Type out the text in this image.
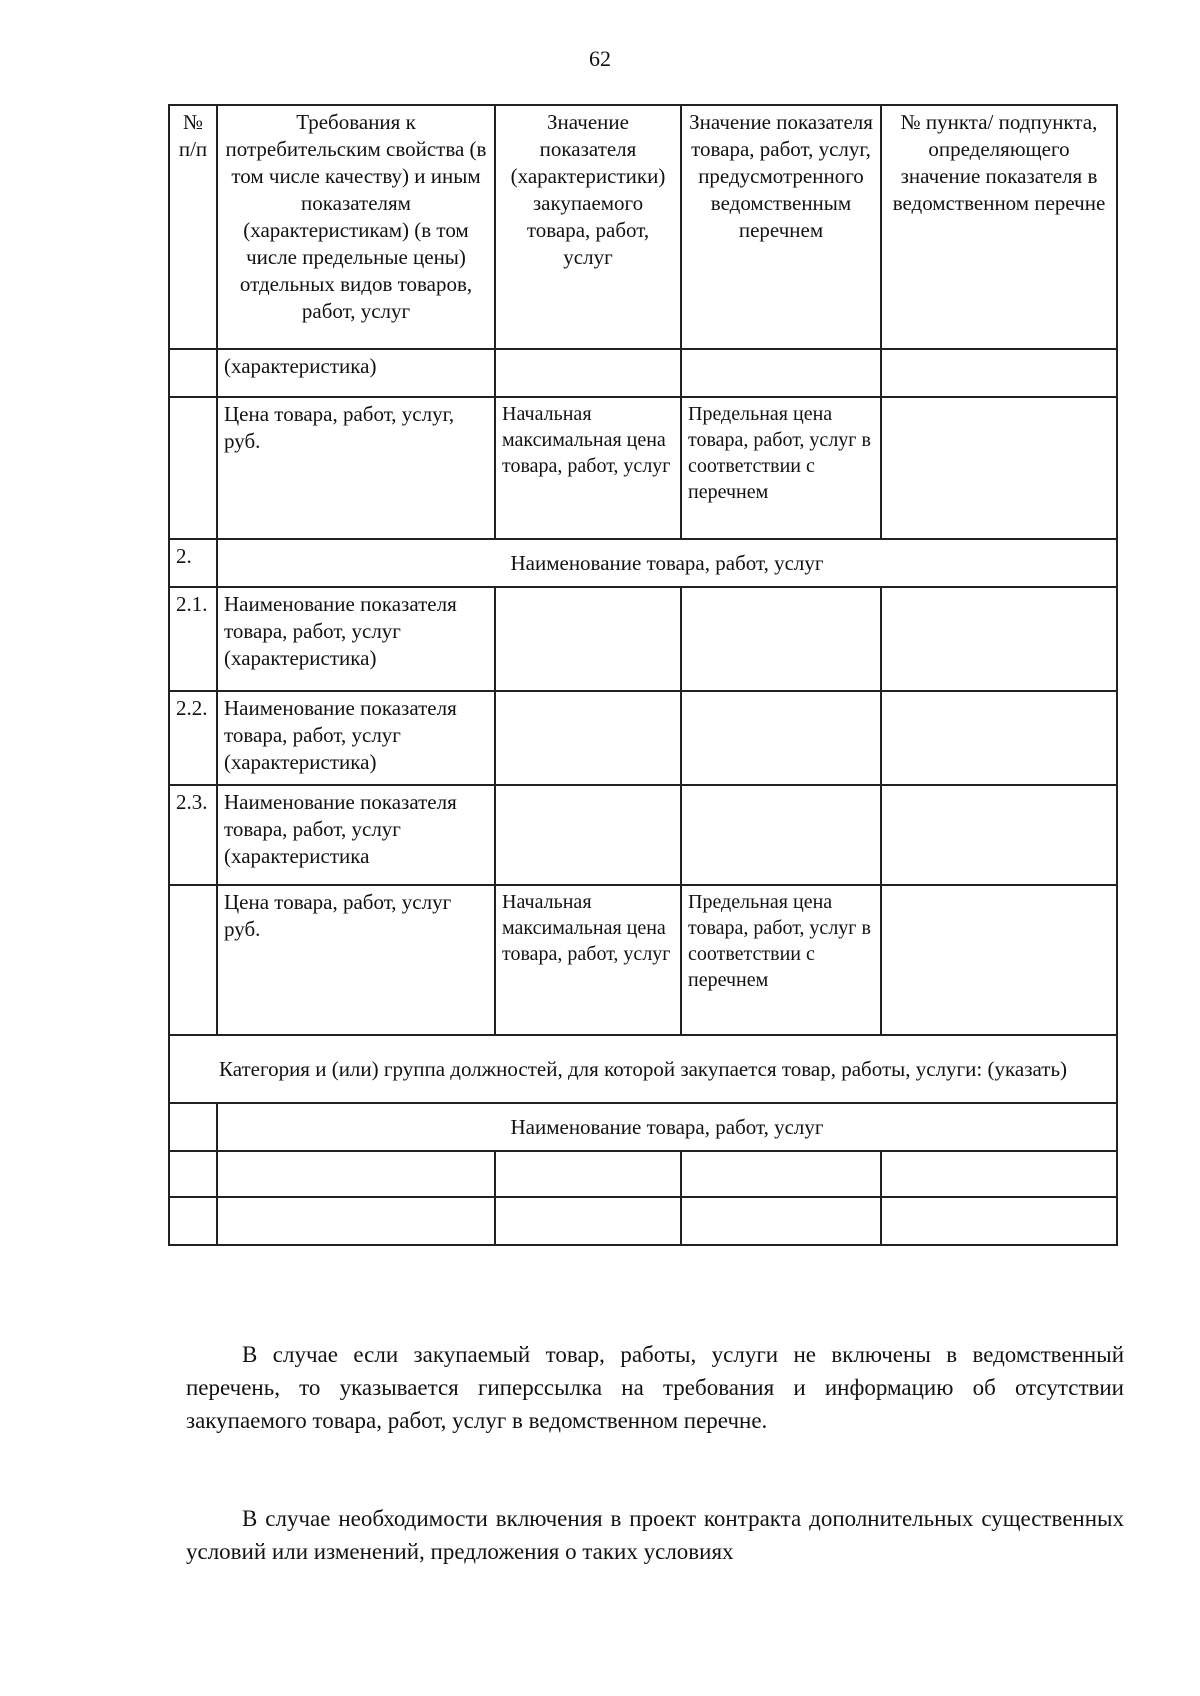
62
№ п/п	Требования к потребительским свойства (в том числе качеству) и иным показателям (характеристикам) (в том числе предельные цены) отдельных видов товаров, работ, услуг	Значение показателя (характеристики) закупаемого товара, работ, услуг	Значение показателя товара, работ, услуг, предусмотренного ведомственным перечнем	№ пункта/ подпункта, определяющего значение показателя в ведомственном перечне
	(характеристика)			
	Цена товара, работ, услуг, руб.	Начальная максимальная цена товара, работ, услуг	Предельная цена товара, работ, услуг в соответствии с перечнем	
2.	Наименование товара, работ, услуг			
2.1.	Наименование показателя товара, работ, услуг (характеристика)			
2.2.	Наименование показателя товара, работ, услуг (характеристика)			
2.3.	Наименование показателя товара, работ, услуг (характеристика			
	Цена товара, работ, услуг руб.	Начальная максимальная цена товара, работ, услуг	Предельная цена товара, работ, услуг в соответствии с перечнем	
Категория и (или) группа должностей, для которой закупается товар, работы, услуги: (указать)				
	Наименование товара, работ, услуг			

В случае если закупаемый товар, работы, услуги не включены в ведомственный перечень, то указывается гиперссылка на требования и информацию об отсутствии закупаемого товара, работ, услуг в ведомственном перечне.
В случае необходимости включения в проект контракта дополнительных существенных условий или изменений, предложения о таких условиях
